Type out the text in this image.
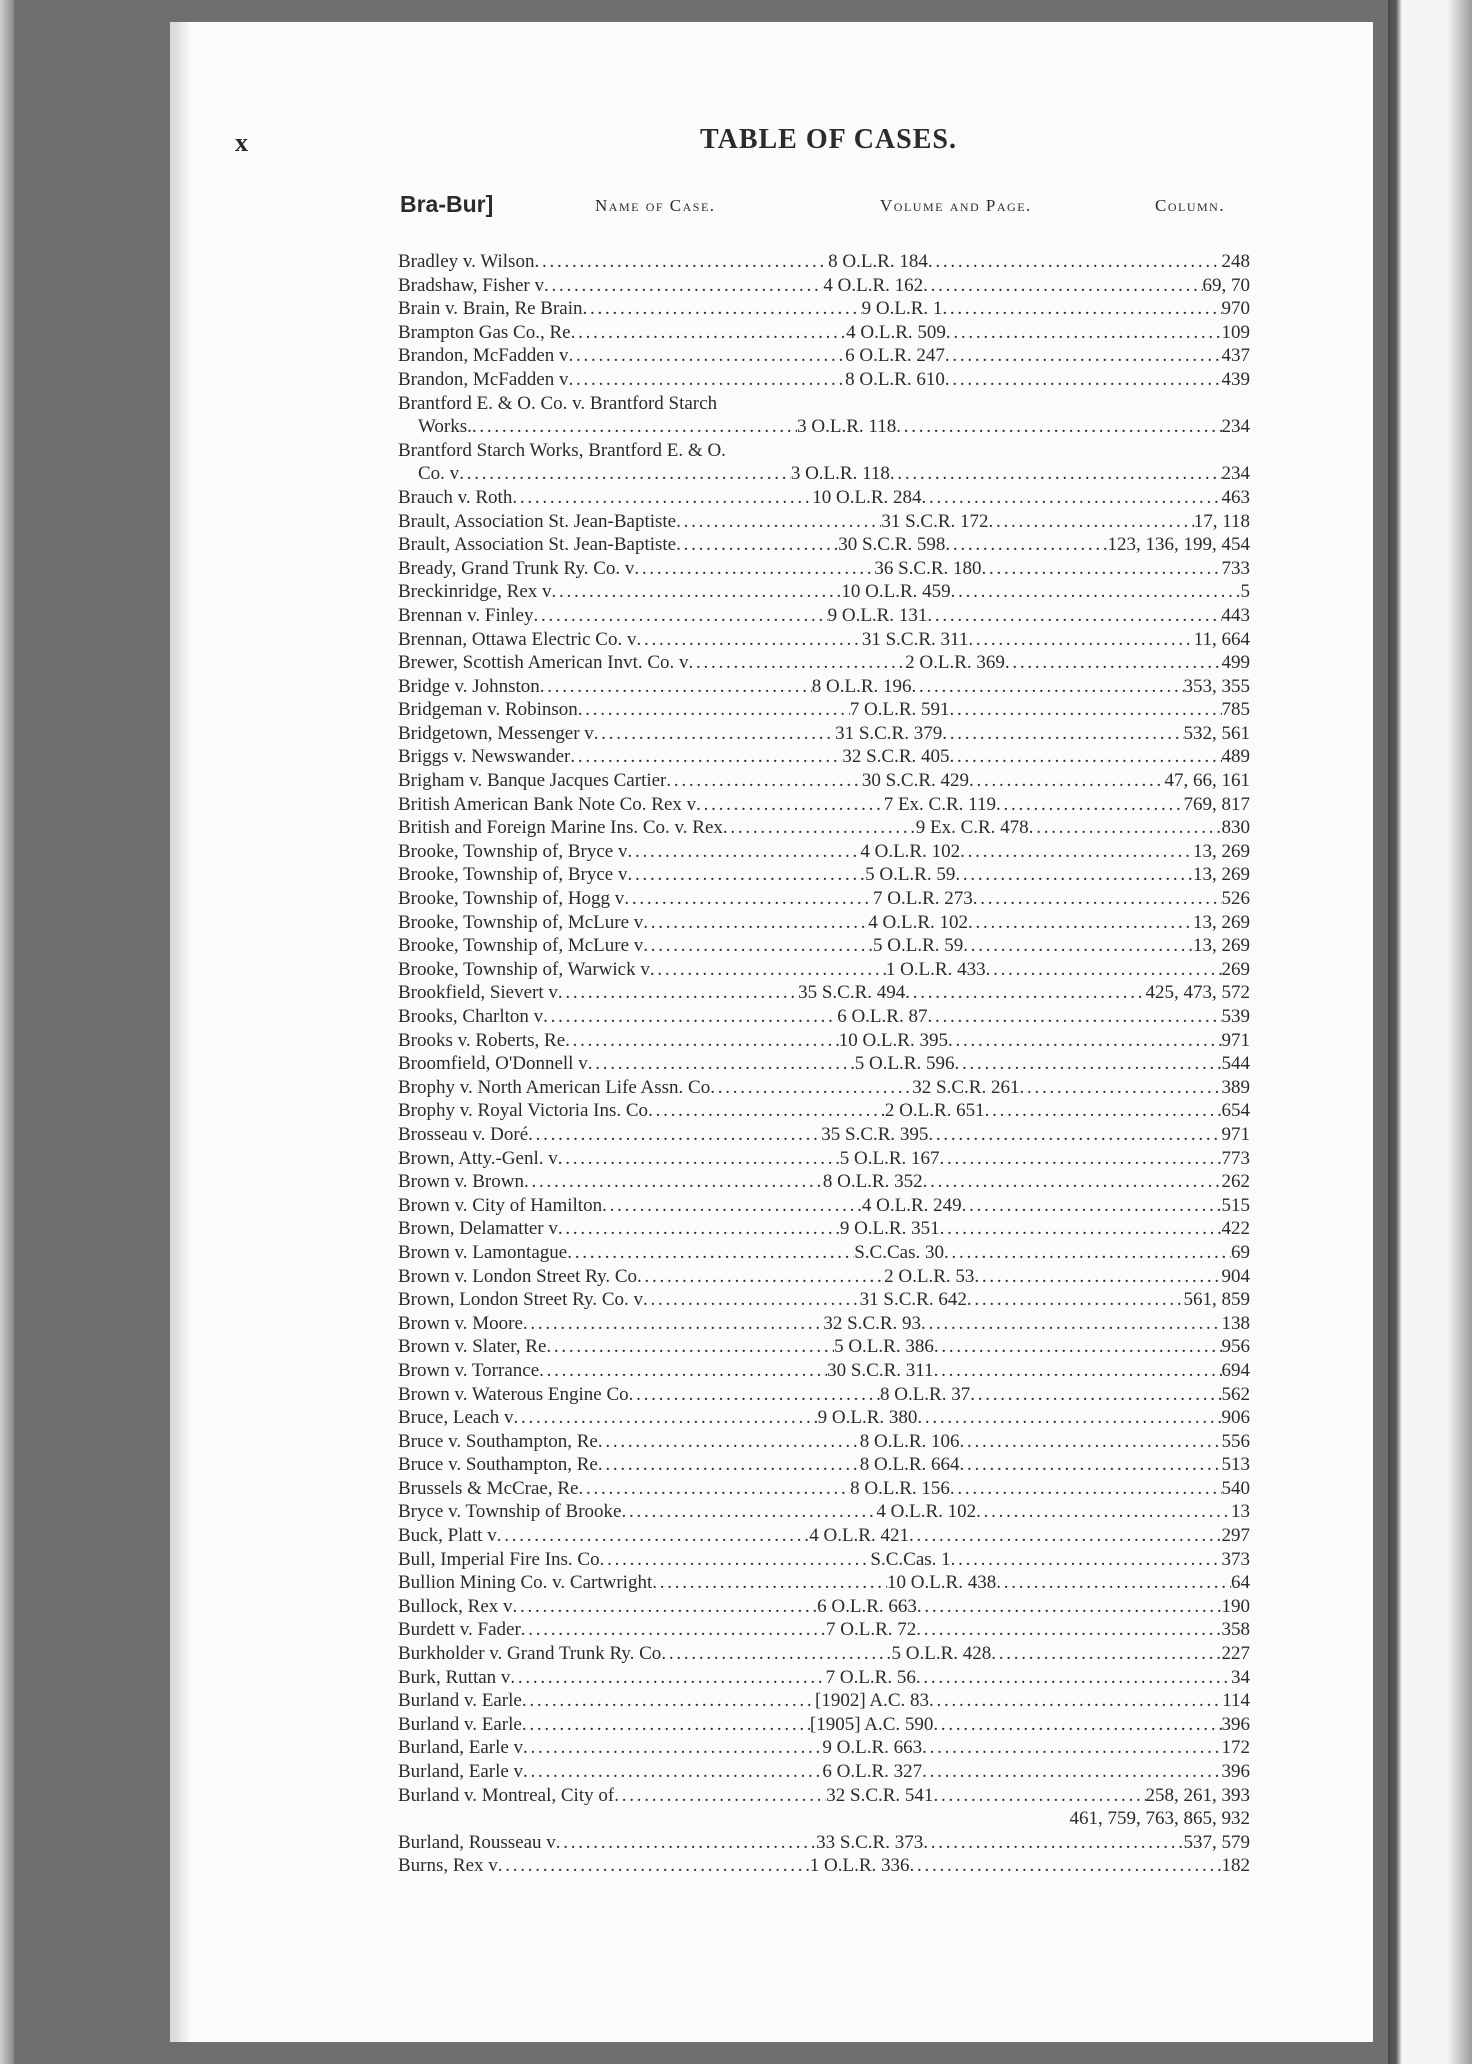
x	TABLE OF CASES.
Bra-Bur]	Name of Case.	Volume and Page.	Column.
Bradley v. Wilson . . .	8 O.L.R. 184 . . .	248
Bradshaw, Fisher v . . .	4 O.L.R. 162 . . .	69, 70
Brain v. Brain, Re Brain . . .	9 O.L.R. 1 . . .	970
Brampton Gas Co., Re . . .	4 O.L.R. 509 . . .	109
Brandon, McFadden v . . .	6 O.L.R. 247 . . .	437
Brandon, McFadden v . . .	8 O.L.R. 610 . . .	439
Brantford E. & O. Co. v. Brantford Starch
Works. . . .	3 O.L.R. 118 . . .	234
Brantford Starch Works, Brantford E. & O.
Co. v . . .	3 O.L.R. 118 . . .	234
Brauch v. Roth . . .	10 O.L.R. 284 . . .	463
Brault, Association St. Jean-Baptiste . . .	31 S.C.R. 172 . . .	17, 118
Brault, Association St. Jean-Baptiste . . .	30 S.C.R. 598 . . .	123, 136, 199, 454
Bready, Grand Trunk Ry. Co. v . . .	36 S.C.R. 180 . . .	733
Breckinridge, Rex v . . .	10 O.L.R. 459 . . .	5
Brennan v. Finley . . .	9 O.L.R. 131 . . .	443
Brennan, Ottawa Electric Co. v . . .	31 S.C.R. 311 . . .	11, 664
Brewer, Scottish American Invt. Co. v . . .	2 O.L.R. 369 . . .	499
Bridge v. Johnston . . .	8 O.L.R. 196 . . .	353, 355
Bridgeman v. Robinson . . .	7 O.L.R. 591 . . .	785
Bridgetown, Messenger v . . .	31 S.C.R. 379 . . .	532, 561
Briggs v. Newswander . . .	32 S.C.R. 405 . . .	489
Brigham v. Banque Jacques Cartier . . .	30 S.C.R. 429 . . .	47, 66, 161
British American Bank Note Co. Rex v . . .	7 Ex. C.R. 119 . . .	769, 817
British and Foreign Marine Ins. Co. v. Rex . . .	9 Ex. C.R. 478 . . .	830
Brooke, Township of, Bryce v . . .	4 O.L.R. 102 . . .	13, 269
Brooke, Township of, Bryce v . . .	5 O.L.R. 59 . . .	13, 269
Brooke, Township of, Hogg v . . .	7 O.L.R. 273 . . .	526
Brooke, Township of, McLure v . . .	4 O.L.R. 102 . . .	13, 269
Brooke, Township of, McLure v . . .	5 O.L.R. 59 . . .	13, 269
Brooke, Township of, Warwick v . . .	1 O.L.R. 433 . . .	269
Brookfield, Sievert v . . .	35 S.C.R. 494 . . .	425, 473, 572
Brooks, Charlton v . . .	6 O.L.R. 87 . . .	539
Brooks v. Roberts, Re . . .	10 O.L.R. 395 . . .	971
Broomfield, O'Donnell v . . .	5 O.L.R. 596 . . .	544
Brophy v. North American Life Assn. Co . . .	32 S.C.R. 261 . . .	389
Brophy v. Royal Victoria Ins. Co . . .	2 O.L.R. 651 . . .	654
Brosseau v. Doré . . .	35 S.C.R. 395 . . .	971
Brown, Atty.-Genl. v . . .	5 O.L.R. 167 . . .	773
Brown v. Brown . . .	8 O.L.R. 352 . . .	262
Brown v. City of Hamilton . . .	4 O.L.R. 249 . . .	515
Brown, Delamatter v . . .	9 O.L.R. 351 . . .	422
Brown v. Lamontague . . .	S.C.Cas. 30 . . .	69
Brown v. London Street Ry. Co . . .	2 O.L.R. 53 . . .	904
Brown, London Street Ry. Co. v . . .	31 S.C.R. 642 . . .	561, 859
Brown v. Moore . . .	32 S.C.R. 93 . . .	138
Brown v. Slater, Re . . .	5 O.L.R. 386 . . .	956
Brown v. Torrance . . .	30 S.C.R. 311 . . .	694
Brown v. Waterous Engine Co . . .	8 O.L.R. 37 . . .	562
Bruce, Leach v . . .	9 O.L.R. 380 . . .	906
Bruce v. Southampton, Re . . .	8 O.L.R. 106 . . .	556
Bruce v. Southampton, Re . . .	8 O.L.R. 664 . . .	513
Brussels & McCrae, Re . . .	8 O.L.R. 156 . . .	540
Bryce v. Township of Brooke . . .	4 O.L.R. 102 . . .	13
Buck, Platt v . . .	4 O.L.R. 421 . . .	297
Bull, Imperial Fire Ins. Co . . .	S.C.Cas. 1 . . .	373
Bullion Mining Co. v. Cartwright . . .	10 O.L.R. 438 . . .	64
Bullock, Rex v . . .	6 O.L.R. 663 . . .	190
Burdett v. Fader . . .	7 O.L.R. 72 . . .	358
Burkholder v. Grand Trunk Ry. Co . . .	5 O.L.R. 428 . . .	227
Burk, Ruttan v . . .	7 O.L.R. 56 . . .	34
Burland v. Earle . . .	[1902] A.C. 83 . . .	114
Burland v. Earle . . .	[1905] A.C. 590 . . .	396
Burland, Earle v . . .	9 O.L.R. 663 . . .	172
Burland, Earle v . . .	6 O.L.R. 327 . . .	396
Burland v. Montreal, City of . . .	32 S.C.R. 541 . . .	258, 261, 393
461, 759, 763, 865, 932
Burland, Rousseau v . . .	33 S.C.R. 373 . . .	537, 579
Burns, Rex v . . .	1 O.L.R. 336 . . .	182
